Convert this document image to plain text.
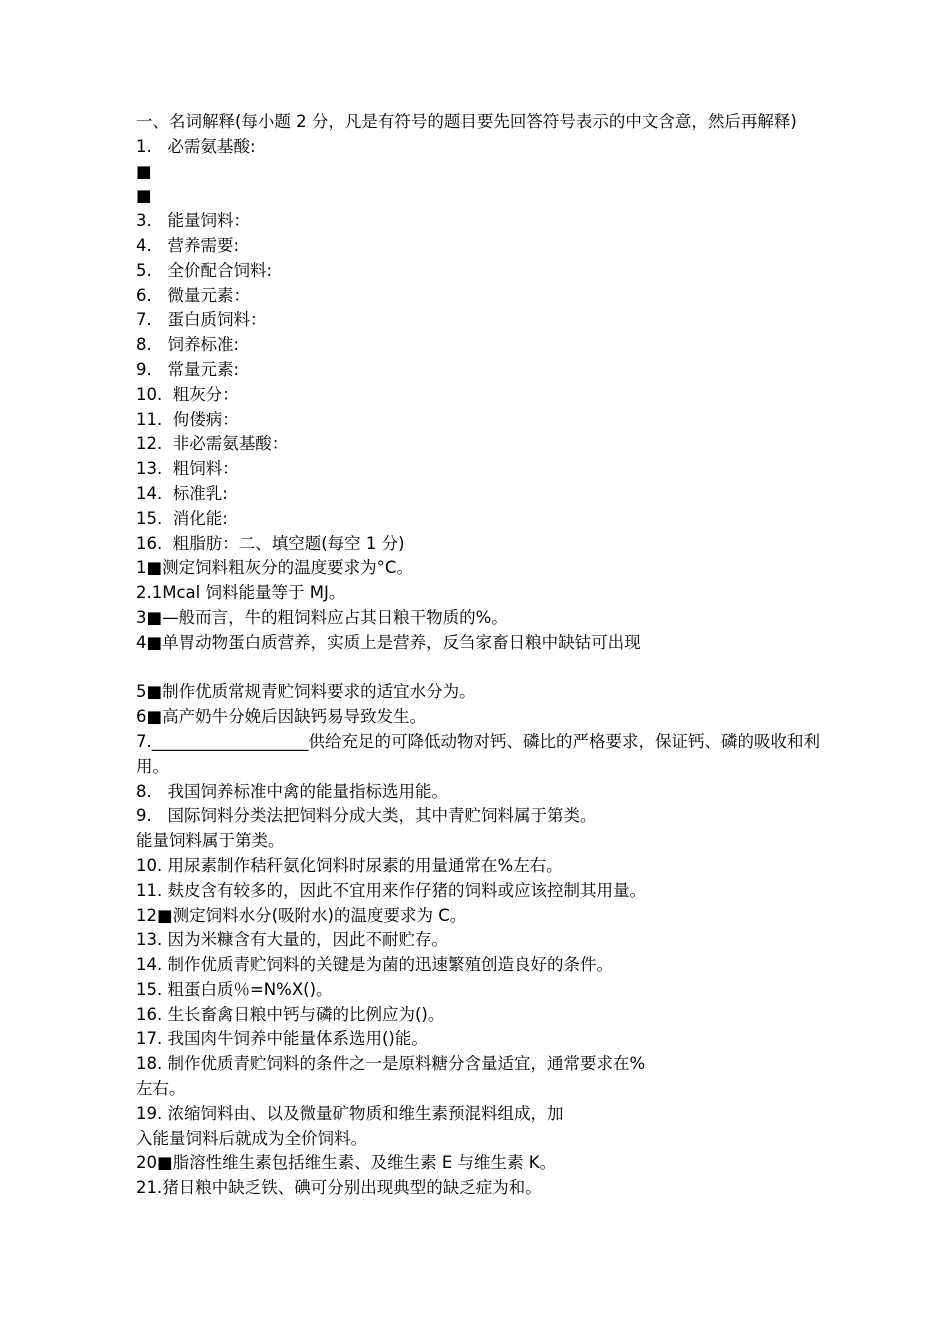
一、名词解释(每小题 2 分，凡是有符号的题目要先回答符号表示的中文含意，然后再解释)
1.   必需氨基酸:
■
■
3.   能量饲料：
4.   营养需要:
5.   全价配合饲料:
6.   微量元素：
7.   蛋白质饲料：
8.   饲养标准:
9.   常量元素:
10.  粗灰分：
11.  佝偻病：
12.  非必需氨基酸：
13.  粗饲料：
14.  标准乳:
15.  消化能:
16.  粗脂肪：二、填空题(每空 1 分)
1■测定饲料粗灰分的温度要求为°C。
2.1Mcal 饲料能量等于 MJ。
3■—般而言，牛的粗饲料应占其日粮干物质的%。
4■单胃动物蛋白质营养，实质上是营养，反刍家畜日粮中缺钴可出现
5■制作优质常规青贮饲料要求的适宜水分为。
6■高产奶牛分娩后因缺钙易导致发生。
7.___________________供给充足的可降低动物对钙、磷比的严格要求，保证钙、磷的吸收和利用。
8.   我国饲养标准中禽的能量指标选用能。
9.   国际饲料分类法把饲料分成大类，其中青贮饲料属于第类。
能量饲料属于第类。
10. 用尿素制作秸秆氨化饲料时尿素的用量通常在%左右。
11. 麸皮含有较多的，因此不宜用来作仔猪的饲料或应该控制其用量。
12■测定饲料水分(吸附水)的温度要求为 C。
13. 因为米糠含有大量的，因此不耐贮存。
14. 制作优质青贮饲料的关键是为菌的迅速繁殖创造良好的条件。
15. 粗蛋白质％=N%X()。
16. 生长畜禽日粮中钙与磷的比例应为()。
17. 我国肉牛饲养中能量体系选用()能。
18. 制作优质青贮饲料的条件之一是原料糖分含量适宜，通常要求在%
左右。
19. 浓缩饲料由、以及微量矿物质和维生素预混料组成，加
入能量饲料后就成为全价饲料。
20■脂溶性维生素包括维生素、及维生素 E 与维生素 K。
21.猪日粮中缺乏铁、碘可分别出现典型的缺乏症为和。
